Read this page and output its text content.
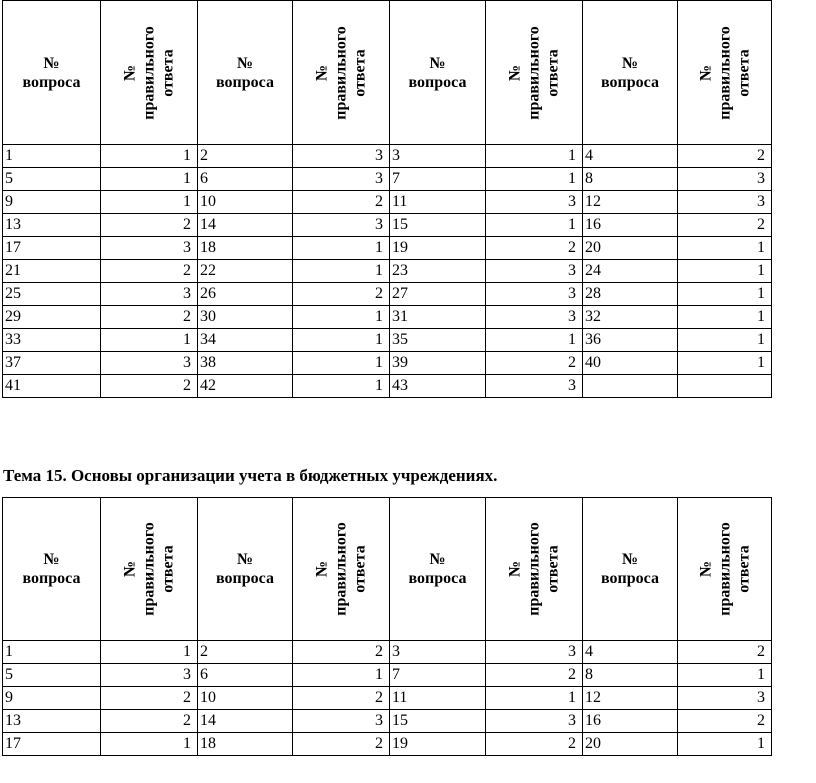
№
вопроса	№
правильного
ответа	№
вопроса	№
правильного
ответа	№
вопроса	№
правильного
ответа	№
вопроса	№
правильного
ответа

1	1	2	3	3	1	4	2
5	1	6	3	7	1	8	3
9	1	10	2	11	3	12	3
13	2	14	3	15	1	16	2
17	3	18	1	19	2	20	1
21	2	22	1	23	3	24	1
25	3	26	2	27	3	28	1
29	2	30	1	31	3	32	1
33	1	34	1	35	1	36	1
37	3	38	1	39	2	40	1
41	2	42	1	43	3		

Тема 15. Основы организации учета в бюджетных учреждениях.

№
вопроса	№
правильного
ответа	№
вопроса	№
правильного
ответа	№
вопроса	№
правильного
ответа	№
вопроса	№
правильного
ответа

1	1	2	2	3	3	4	2
5	3	6	1	7	2	8	1
9	2	10	2	11	1	12	3
13	2	14	3	15	3	16	2
17	1	18	2	19	2	20	1
